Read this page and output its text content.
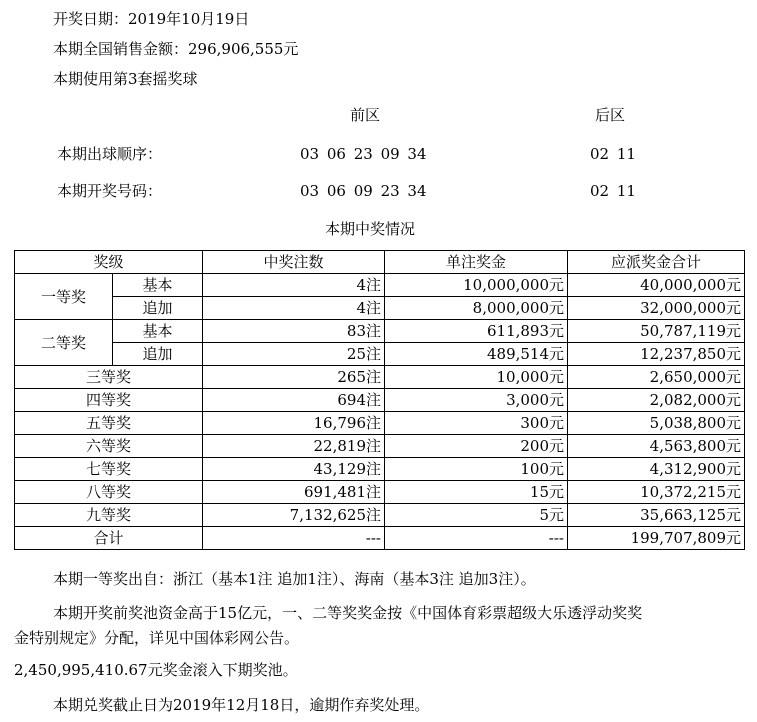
开奖日期：2019年10月19日
本期全国销售金额：296,906,555元
本期使用第3套摇奖球
前区	后区
本期出球顺序：	03 06 23 09 34	02 11
本期开奖号码：	03 06 09 23 34	02 11
本期中奖情况
奖级		中奖注数	单注奖金	应派奖金合计
一等奖	基本	4注	10,000,000元	40,000,000元
	追加	4注	8,000,000元	32,000,000元
二等奖	基本	83注	611,893元	50,787,119元
	追加	25注	489,514元	12,237,850元
三等奖		265注	10,000元	2,650,000元
四等奖		694注	3,000元	2,082,000元
五等奖		16,796注	300元	5,038,800元
六等奖		22,819注	200元	4,563,800元
七等奖		43,129注	100元	4,312,900元
八等奖		691,481注	15元	10,372,215元
九等奖		7,132,625注	5元	35,663,125元
合计		---	---	199,707,809元
本期一等奖出自：浙江（基本1注 追加1注）、海南（基本3注 追加3注）。
本期开奖前奖池资金高于15亿元，一、二等奖奖金按《中国体育彩票超级大乐透浮动奖奖
金特别规定》分配，详见中国体彩网公告。
2,450,995,410.67元奖金滚入下期奖池。
本期兑奖截止日为2019年12月18日，逾期作弃奖处理。
